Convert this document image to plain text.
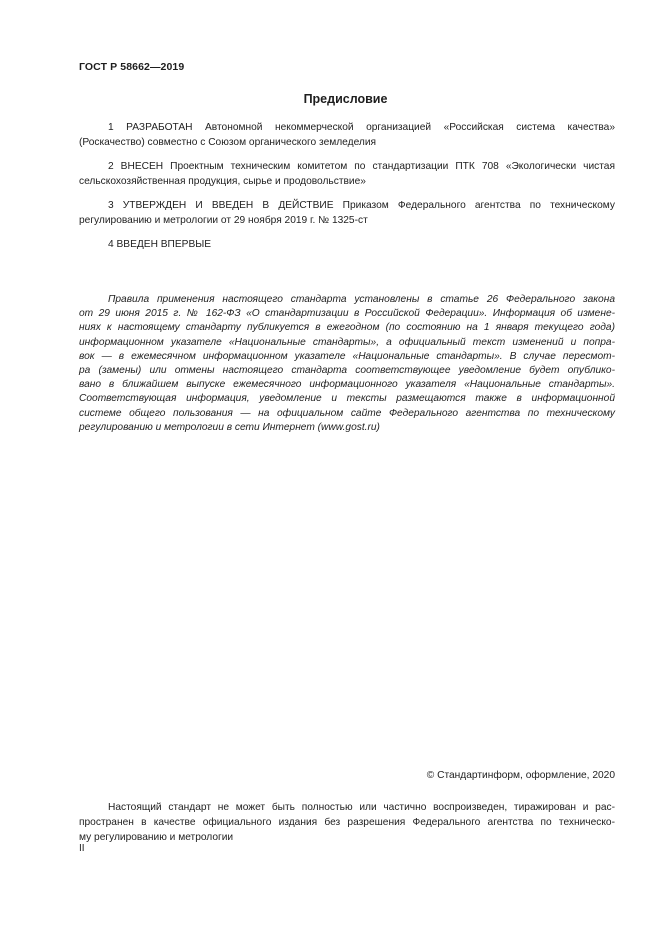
ГОСТ Р 58662—2019
Предисловие
1 РАЗРАБОТАН Автономной некоммерческой организацией «Российская система качества»
(Роскачество) совместно с Союзом органического земледелия
2 ВНЕСЕН Проектным техническим комитетом по стандартизации ПТК 708 «Экологически чистая
сельскохозяйственная продукция, сырье и продовольствие»
3 УТВЕРЖДЕН И ВВЕДЕН В ДЕЙСТВИЕ Приказом Федерального агентства по техническому
регулированию и метрологии от 29 ноября 2019 г. № 1325-ст
4 ВВЕДЕН ВПЕРВЫЕ
Правила применения настоящего стандарта установлены в статье 26 Федерального закона
от 29 июня 2015 г. № 162-ФЗ «О стандартизации в Российской Федерации». Информация об измене-
ниях к настоящему стандарту публикуется в ежегодном (по состоянию на 1 января текущего года)
информационном указателе «Национальные стандарты», а официальный текст изменений и попра-
вок — в ежемесячном информационном указателе «Национальные стандарты». В случае пересмот-
ра (замены) или отмены настоящего стандарта соответствующее уведомление будет опублико-
вано в ближайшем выпуске ежемесячного информационного указателя «Национальные стандарты».
Соответствующая информация, уведомление и тексты размещаются также в информационной
системе общего пользования — на официальном сайте Федерального агентства по техническому
регулированию и метрологии в сети Интернет (www.gost.ru)
© Стандартинформ, оформление, 2020
Настоящий стандарт не может быть полностью или частично воспроизведен, тиражирован и рас-
пространен в качестве официального издания без разрешения Федерального агентства по техническо-
му регулированию и метрологии
II
